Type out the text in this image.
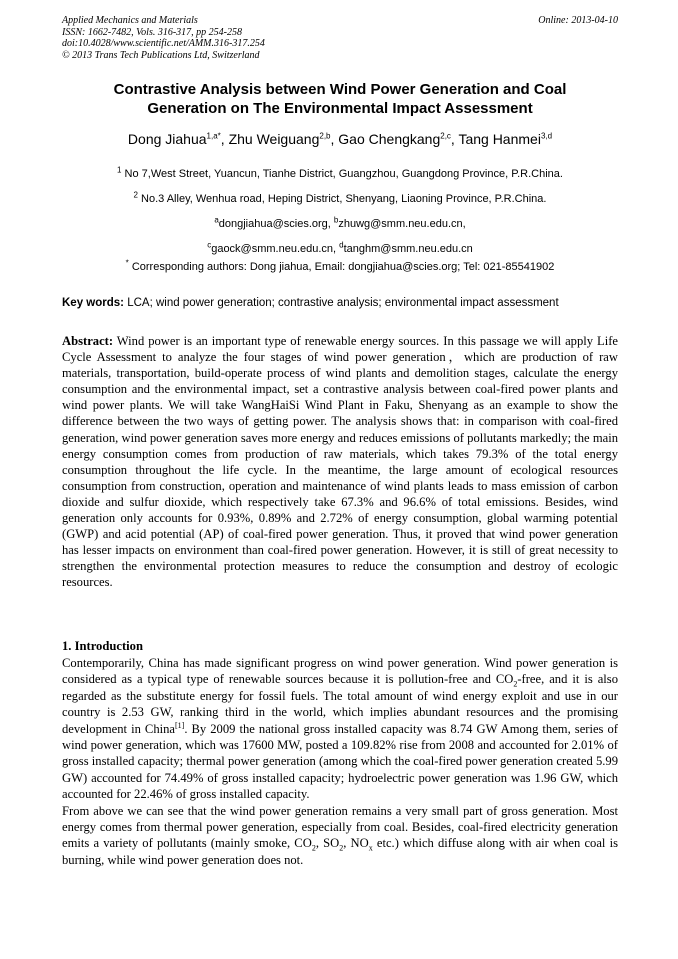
Applied Mechanics and Materials
ISSN: 1662-7482, Vols. 316-317, pp 254-258
doi:10.4028/www.scientific.net/AMM.316-317.254
© 2013 Trans Tech Publications Ltd, Switzerland
Online: 2013-04-10
Contrastive Analysis between Wind Power Generation and Coal
Generation on The Environmental Impact Assessment
Dong Jiahua$^{1,a*}$, Zhu Weiguang$^{2,b}$, Gao Chengkang$^{2,c}$, Tang Hanmei$^{3,d}$
$^1$ No 7,West Street, Yuancun, Tianhe District, Guangzhou, Guangdong Province, P.R.China.
$^2$ No.3 Alley, Wenhua road, Heping District, Shenyang, Liaoning Province, P.R.China.
$^a$dongjiahua@scies.org, $^b$zhuwg@smm.neu.edu.cn,
$^c$gaock@smm.neu.edu.cn, $^d$tanghm@smm.neu.edu.cn
* Corresponding authors: Dong jiahua, Email: dongjiahua@scies.org; Tel: 021-85541902
Key words: LCA; wind power generation; contrastive analysis; environmental impact assessment
Abstract: Wind power is an important type of renewable energy sources. In this passage we will apply Life Cycle Assessment to analyze the four stages of wind power generation，which are production of raw materials, transportation, build-operate process of wind plants and demolition stages, calculate the energy consumption and the environmental impact, set a contrastive analysis between coal-fired power plants and wind power plants. We will take WangHaiSi Wind Plant in Faku, Shenyang as an example to show the difference between the two ways of getting power. The analysis shows that: in comparison with coal-fired generation, wind power generation saves more energy and reduces emissions of pollutants markedly; the main energy consumption comes from production of raw materials, which takes 79.3% of the total energy consumption throughout the life cycle. In the meantime, the large amount of ecological resources consumption from construction, operation and maintenance of wind plants leads to mass emission of carbon dioxide and sulfur dioxide, which respectively take 67.3% and 96.6% of total emissions. Besides, wind generation only accounts for 0.93%, 0.89% and 2.72% of energy consumption, global warming potential (GWP) and acid potential (AP) of coal-fired power generation. Thus, it proved that wind power generation has lesser impacts on environment than coal-fired power generation. However, it is still of great necessity to strengthen the environmental protection measures to reduce the consumption and destroy of ecologic resources.
1. Introduction

Contemporarily, China has made significant progress on wind power generation. Wind power generation is considered as a typical type of renewable sources because it is pollution-free and $CO_2$-free, and it is also regarded as the substitute energy for fossil fuels. The total amount of wind energy exploit and use in our country is 2.53 GW, ranking third in the world, which implies abundant resources and the promising development in China[1]. By 2009 the national gross installed capacity was 8.74 GW Among them, series of wind power generation, which was 17600 MW, posted a 109.82% rise from 2008 and accounted for 2.01% of gross installed capacity; thermal power generation (among which the coal-fired power generation created 5.99 GW) accounted for 74.49% of gross installed capacity; hydroelectric power generation was 1.96 GW, which accounted for 22.46% of gross installed capacity.

From above we can see that the wind power generation remains a very small part of gross generation. Most energy comes from thermal power generation, especially from coal. Besides, coal-fired electricity generation emits a variety of pollutants (mainly smoke, $CO_2$, $SO_2$, $NO_x$ etc.) which diffuse along with air when coal is burning, while wind power generation does not.
